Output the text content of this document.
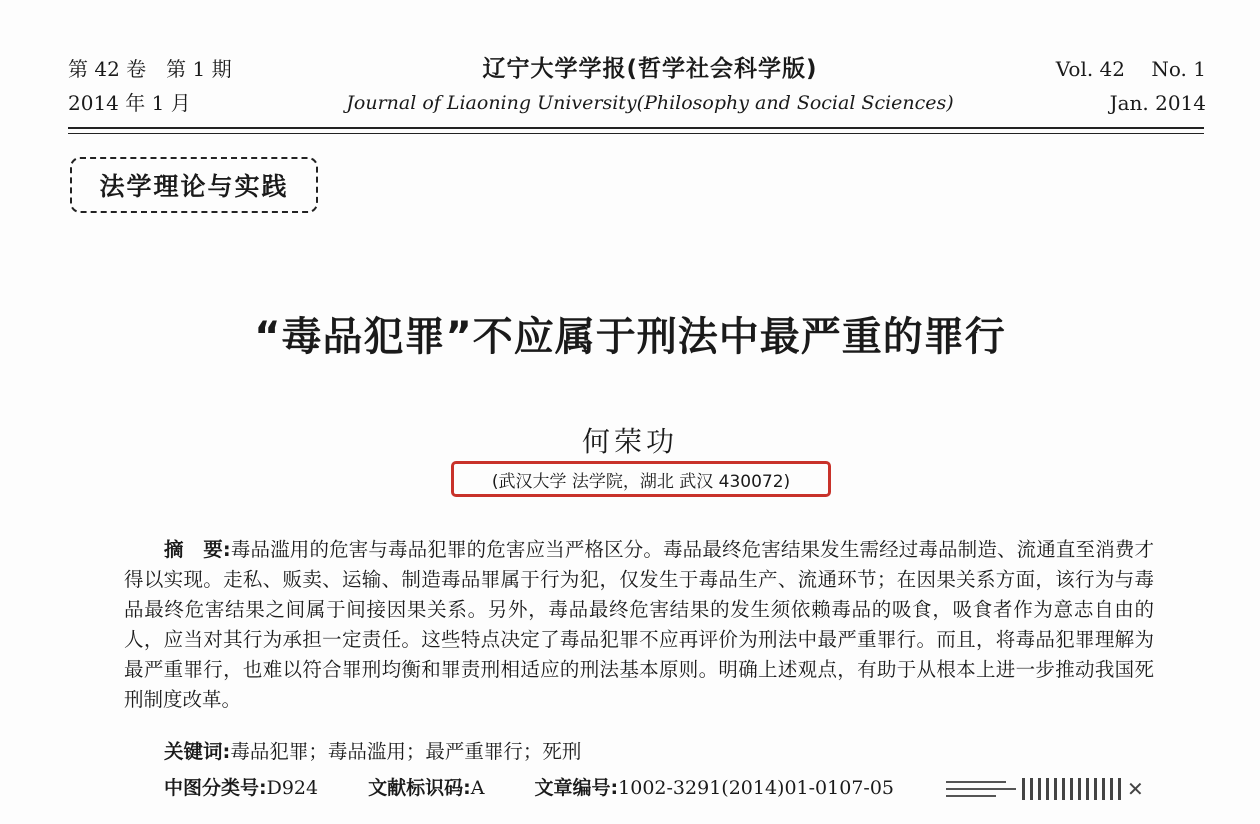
第 42 卷　第 1 期
2014 年 1 月
辽宁大学学报(哲学社会科学版)
Journal of Liaoning University(Philosophy and Social Sciences)
Vol. 42　 No. 1
Jan. 2014
法学理论与实践
“毒品犯罪”不应属于刑法中最严重的罪行
何荣功
(武汉大学 法学院，湖北 武汉 430072)
摘　要:毒品滥用的危害与毒品犯罪的危害应当严格区分。毒品最终危害结果发生需经过毒品制造、流通直至消费才得以实现。走私、贩卖、运输、制造毒品罪属于行为犯，仅发生于毒品生产、流通环节；在因果关系方面，该行为与毒品最终危害结果之间属于间接因果关系。另外，毒品最终危害结果的发生须依赖毒品的吸食，吸食者作为意志自由的人，应当对其行为承担一定责任。这些特点决定了毒品犯罪不应再评价为刑法中最严重罪行。而且，将毒品犯罪理解为最严重罪行，也难以符合罪刑均衡和罪责刑相适应的刑法基本原则。明确上述观点，有助于从根本上进一步推动我国死刑制度改革。
关键词:毒品犯罪；毒品滥用；最严重罪行；死刑
中图分类号:D924	文献标识码:A	文章编号:1002-3291(2014)01-0107-05	✕
